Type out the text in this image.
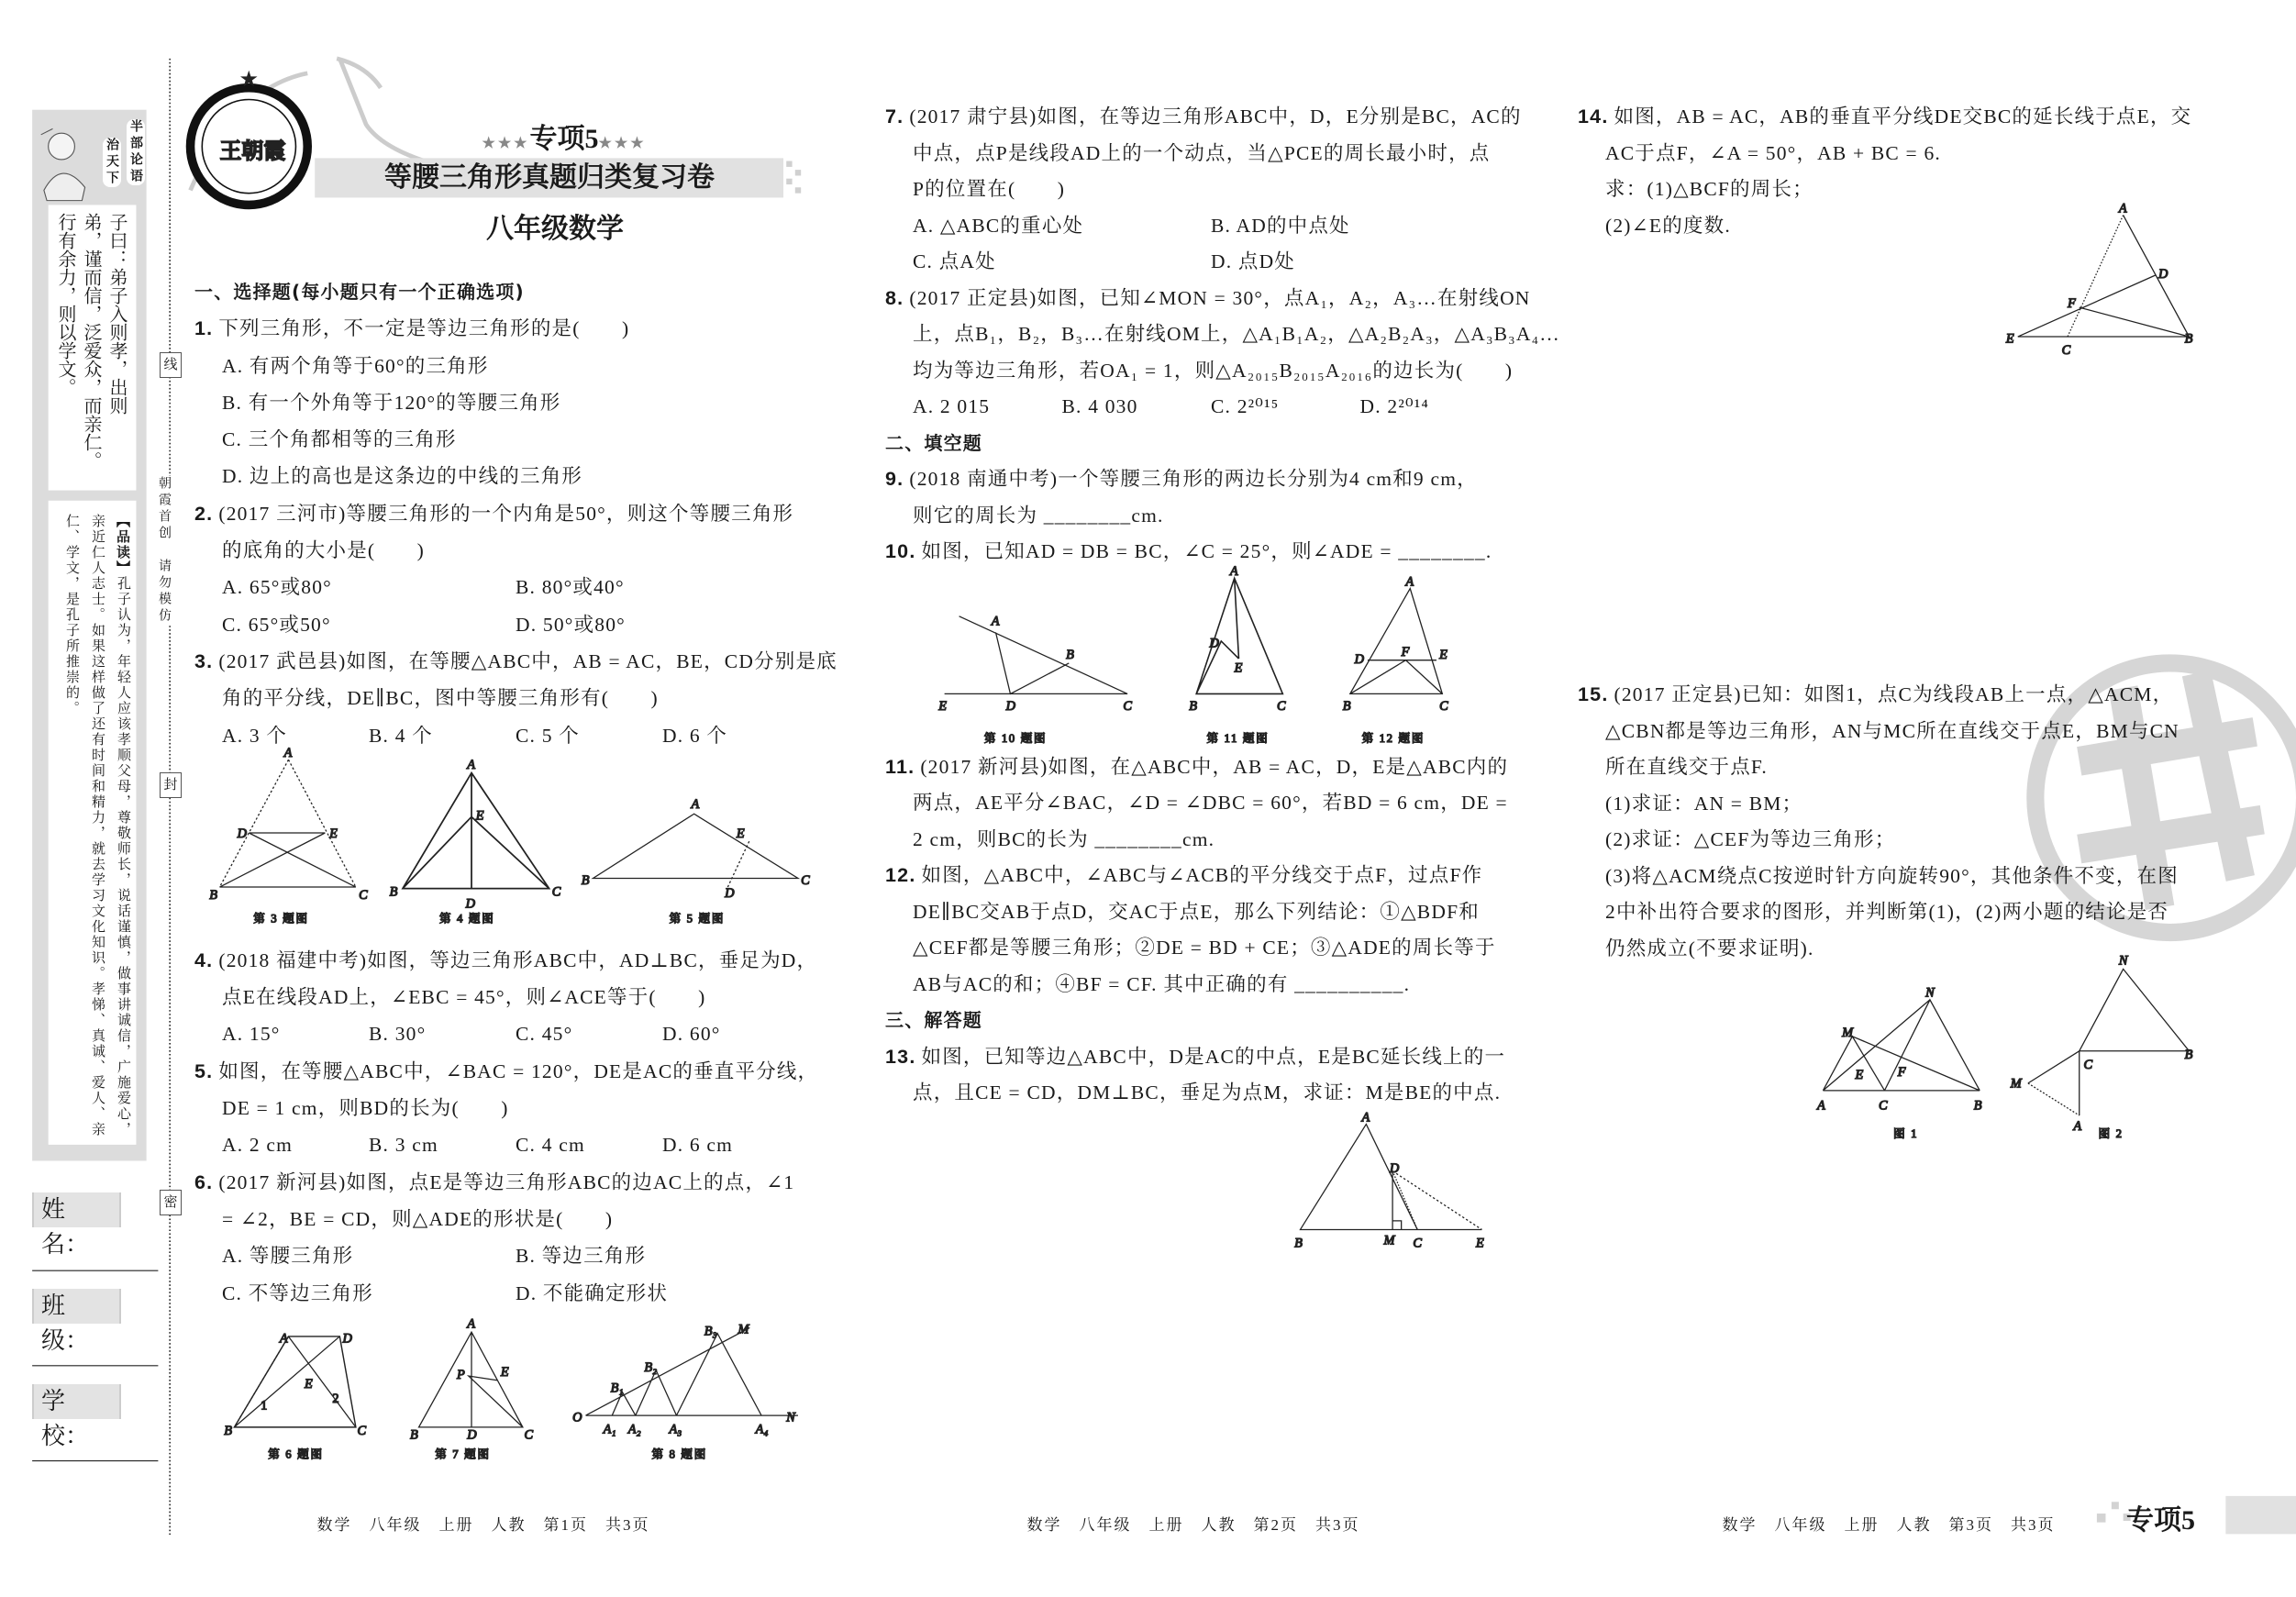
王朝霞
★
A
D	E
B	C
第 3 题图
A
E
B
D
C
第 4 题图
A
E
B
D
C
第 5 题图
A	D
E
1	2
B	C
第 6 题图
A
P	E
B	D	C
第 7 题图
O
A₁ A₂	A₃	A₄
N
B₁
B₂
B₃	M
第 8 题图
A
B
E	D	C
第 10 题图
A
D
E
B	C
第 11 题图
A
D	F	E
B	C
第 12 题图
A
D
B	M C	E
A
D
F
E
C
B
N
M
E	F
A	C	B
图 1
N
C
B
M
A 图 2
半部论语
治天下
子曰：弟子入则孝，出则
弟，谨而信，泛爱众，而亲仁。
行有余力，则以学文。
【品读】孔子认为，年轻人应该孝顺父母，尊敬师长，说话谨慎，做事讲诚信，广施爱心，亲近仁人志士。如果这样做了还有时间和精力，就去学习文化知识。孝悌、真诚、爱人、亲仁、学文，是孔子所推崇的。
姓　名：
班　级：
学　校：
线
封
密
朝霞首创　请勿模仿
★★★专项5★★★
等腰三角形真题归类复习卷
八年级数学
一、选择题(每小题只有一个正确选项)
1. 下列三角形，不一定是等边三角形的是(　　)
A. 有两个角等于60°的三角形
B. 有一个外角等于120°的等腰三角形
C. 三个角都相等的三角形
D. 边上的高也是这条边的中线的三角形
2. (2017 三河市)等腰三角形的一个内角是50°，则这个等腰三角形
的底角的大小是(　　)
A. 65°或80°	B. 80°或40°
C. 65°或50°	D. 50°或80°
3. (2017 武邑县)如图，在等腰△ABC中，AB = AC，BE，CD分别是底
角的平分线，DE∥BC，图中等腰三角形有(　　)
A. 3 个	B. 4 个	C. 5 个	D. 6 个
4. (2018 福建中考)如图，等边三角形ABC中，AD⊥BC，垂足为D，
点E在线段AD上，∠EBC = 45°，则∠ACE等于(　　)
A. 15°	B. 30°	C. 45°	D. 60°
5. 如图，在等腰△ABC中，∠BAC = 120°，DE是AC的垂直平分线，
DE = 1 cm，则BD的长为(　　)
A. 2 cm	B. 3 cm	C. 4 cm	D. 6 cm
6. (2017 新河县)如图，点E是等边三角形ABC的边AC上的点，∠1
= ∠2，BE = CD，则△ADE的形状是(　　)
A. 等腰三角形	B. 等边三角形
C. 不等边三角形	D. 不能确定形状
7. (2017 肃宁县)如图，在等边三角形ABC中，D，E分别是BC，AC的
中点，点P是线段AD上的一个动点，当△PCE的周长最小时，点
P的位置在(　　)
A. △ABC的重心处	B. AD的中点处
C. 点A处	D. 点D处
8. (2017 正定县)如图，已知∠MON = 30°，点A₁，A₂，A₃…在射线ON
上，点B₁，B₂，B₃…在射线OM上，△A₁B₁A₂，△A₂B₂A₃，△A₃B₃A₄…
均为等边三角形，若OA₁ = 1，则△A₂₀₁₅B₂₀₁₅A₂₀₁₆的边长为(　　)
A. 2 015	B. 4 030	C. 2²⁰¹⁵	D. 2²⁰¹⁴
二、填空题
9. (2018 南通中考)一个等腰三角形的两边长分别为4 cm和9 cm，
则它的周长为 ________cm.
10. 如图，已知AD = DB = BC，∠C = 25°，则∠ADE = ________.
11. (2017 新河县)如图，在△ABC中，AB = AC，D，E是△ABC内的
两点，AE平分∠BAC，∠D = ∠DBC = 60°，若BD = 6 cm，DE =
2 cm，则BC的长为 ________cm.
12. 如图，△ABC中，∠ABC与∠ACB的平分线交于点F，过点F作
DE∥BC交AB于点D，交AC于点E，那么下列结论：①△BDF和
△CEF都是等腰三角形；②DE = BD + CE；③△ADE的周长等于
AB与AC的和；④BF = CF. 其中正确的有 __________.
三、解答题
13. 如图，已知等边△ABC中，D是AC的中点，E是BC延长线上的一
点，且CE = CD，DM⊥BC，垂足为点M，求证：M是BE的中点.
14. 如图，AB = AC，AB的垂直平分线DE交BC的延长线于点E，交
AC于点F，∠A = 50°，AB + BC = 6.
求：(1)△BCF的周长；
(2)∠E的度数.
15. (2017 正定县)已知：如图1，点C为线段AB上一点，△ACM，
△CBN都是等边三角形，AN与MC所在直线交于点E，BM与CN
所在直线交于点F.
(1)求证：AN = BM；
(2)求证：△CEF为等边三角形；
(3)将△ACM绕点C按逆时针方向旋转90°，其他条件不变，在图
2中补出符合要求的图形，并判断第(1)，(2)两小题的结论是否
仍然成立(不要求证明).
数学　八年级　上册　人教　第1页　共3页	数学　八年级　上册　人教　第2页　共3页	数学　八年级　上册　人教　第3页　共3页	专项5
